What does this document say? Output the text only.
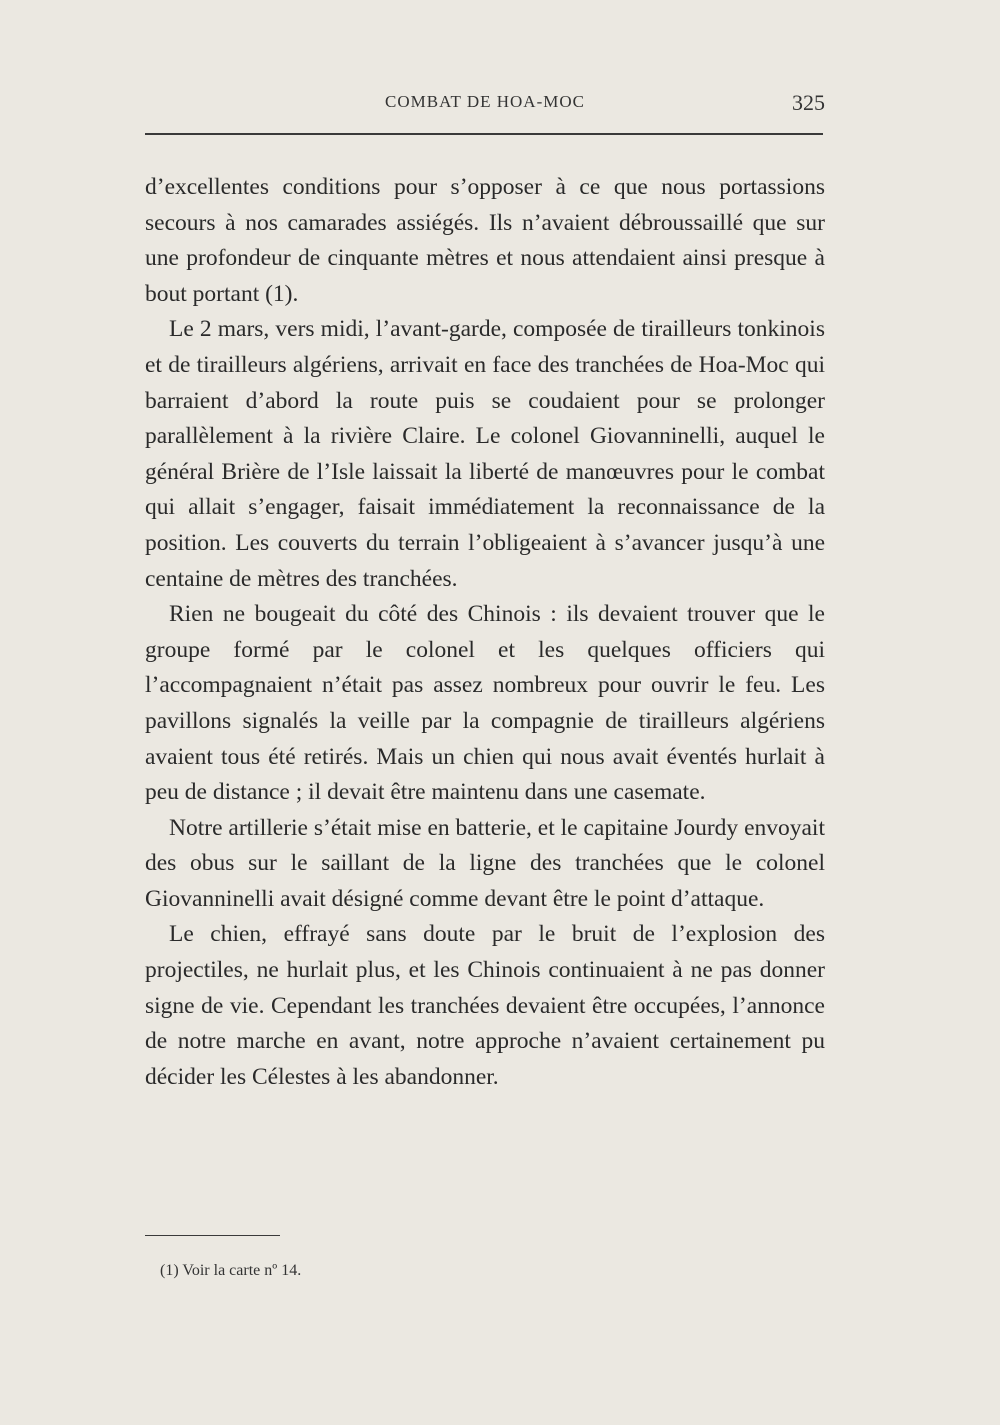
COMBAT DE HOA-MOC	325

d’excellentes conditions pour s’opposer à ce que nous portassions secours à nos camarades assiégés. Ils n’avaient débroussaillé que sur une profondeur de cinquante mètres et nous attendaient ainsi presque à bout portant (1).

Le 2 mars, vers midi, l’avant-garde, composée de tirailleurs tonkinois et de tirailleurs algériens, arrivait en face des tranchées de Hoa-Moc qui barraient d’abord la route puis se coudaient pour se prolonger parallèlement à la rivière Claire. Le colonel Giovanninelli, auquel le général Brière de l’Isle laissait la liberté de manœuvres pour le combat qui allait s’engager, faisait immédiatement la reconnaissance de la position. Les couverts du terrain l’obligeaient à s’avancer jusqu’à une centaine de mètres des tranchées.

Rien ne bougeait du côté des Chinois : ils devaient trouver que le groupe formé par le colonel et les quelques officiers qui l’accompagnaient n’était pas assez nombreux pour ouvrir le feu. Les pavillons signalés la veille par la compagnie de tirailleurs algériens avaient tous été retirés. Mais un chien qui nous avait éventés hurlait à peu de distance ; il devait être maintenu dans une casemate.

Notre artillerie s’était mise en batterie, et le capitaine Jourdy envoyait des obus sur le saillant de la ligne des tranchées que le colonel Giovanninelli avait désigné comme devant être le point d’attaque.

Le chien, effrayé sans doute par le bruit de l’explosion des projectiles, ne hurlait plus, et les Chinois continuaient à ne pas donner signe de vie. Cependant les tranchées devaient être occupées, l’annonce de notre marche en avant, notre approche n’avaient certainement pu décider les Célestes à les abandonner.

(1) Voir la carte nº 14.
